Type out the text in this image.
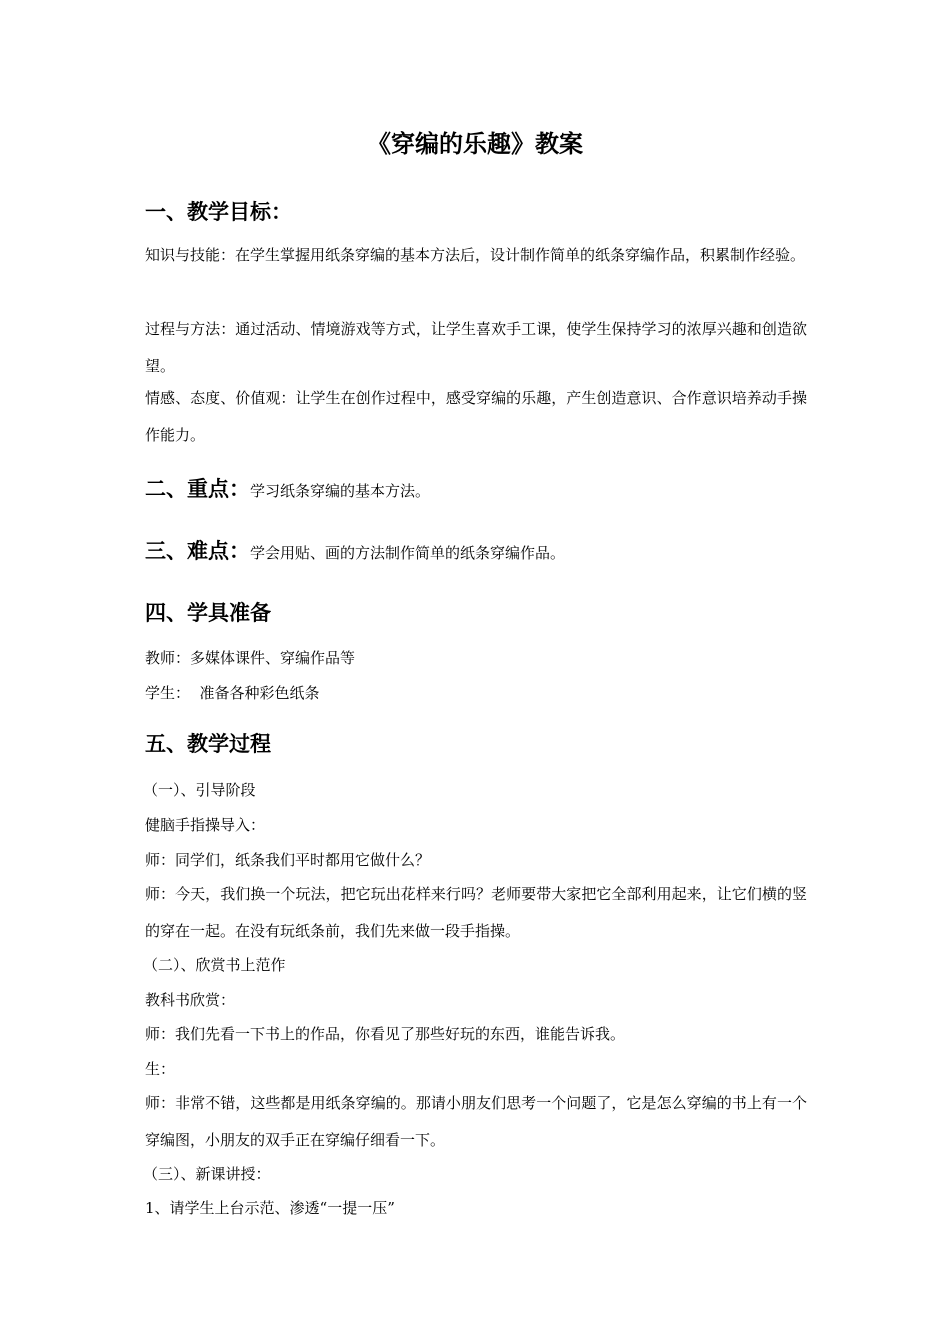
《穿编的乐趣》教案
一、教学目标：
知识与技能：在学生掌握用纸条穿编的基本方法后，设计制作简单的纸条穿编作品，积累制作经验。
过程与方法：通过活动、情境游戏等方式，让学生喜欢手工课，使学生保持学习的浓厚兴趣和创造欲望。
情感、态度、价值观：让学生在创作过程中，感受穿编的乐趣，产生创造意识、合作意识培养动手操作能力。
二、重点：学习纸条穿编的基本方法。
三、难点：学会用贴、画的方法制作简单的纸条穿编作品。
四、学具准备
教师：多媒体课件、穿编作品等
学生：  准备各种彩色纸条
五、教学过程
（一）、引导阶段
健脑手指操导入：
师：同学们，纸条我们平时都用它做什么？
师：今天，我们换一个玩法，把它玩出花样来行吗？老师要带大家把它全部利用起来，让它们横的竖的穿在一起。在没有玩纸条前，我们先来做一段手指操。
（二）、欣赏书上范作
教科书欣赏：
师：我们先看一下书上的作品，你看见了那些好玩的东西，谁能告诉我。
生：
师：非常不错，这些都是用纸条穿编的。那请小朋友们思考一个问题了，它是怎么穿编的书上有一个穿编图，小朋友的双手正在穿编仔细看一下。
（三）、新课讲授：
1、请学生上台示范、渗透“一提一压”
